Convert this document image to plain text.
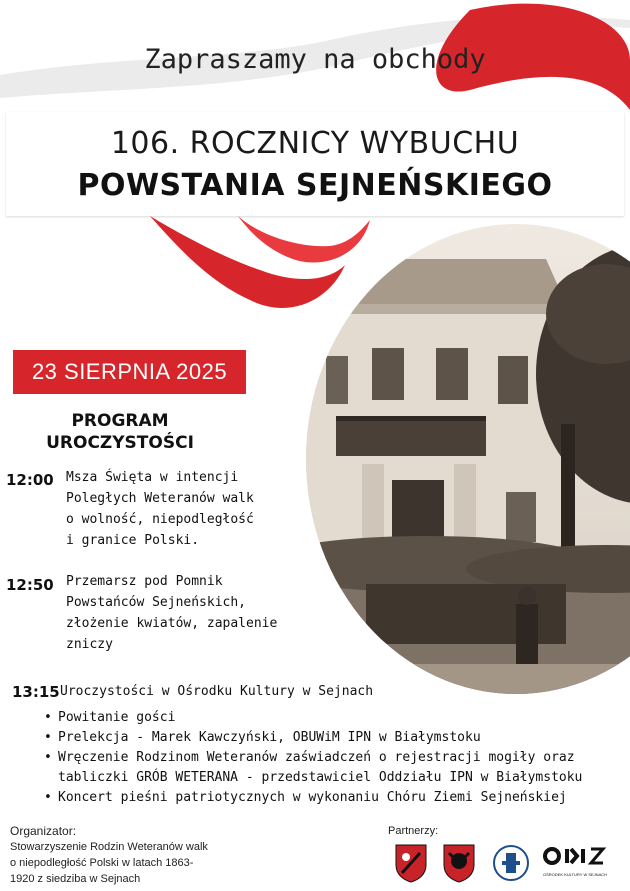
Zapraszamy na obchody
106. ROCZNICY WYBUCHU
POWSTANIA SEJNEŃSKIEGO
23 SIERPNIA 2025
PROGRAM
UROCZYSTOŚCI
12:00 Msza Święta w intencji
Poległych Weteranów walk
o wolność, niepodległość
i granice Polski.
12:50 Przemarsz pod Pomnik
Powstańców Sejneńskich,
złożenie kwiatów, zapalenie
zniczy
13:15 Uroczystości w Ośrodku Kultury w Sejnach
• Powitanie gości
• Prelekcja - Marek Kawczyński, OBUWiM IPN w Białymstoku
• Wręczenie Rodzinom Weteranów zaświadczeń o rejestracji mogiły oraz
tabliczki GRÓB WETERANA - przedstawiciel Oddziału IPN w Białymstoku
• Koncert pieśni patriotycznych w wykonaniu Chóru Ziemi Sejneńskiej
Organizator:
Stowarzyszenie Rodzin Weteranów walk
o niepodległość Polski w latach 1863-
1920 z siedziba w Sejnach
Partnerzy:
OŚRODEK KULTURY W SEJNACH
